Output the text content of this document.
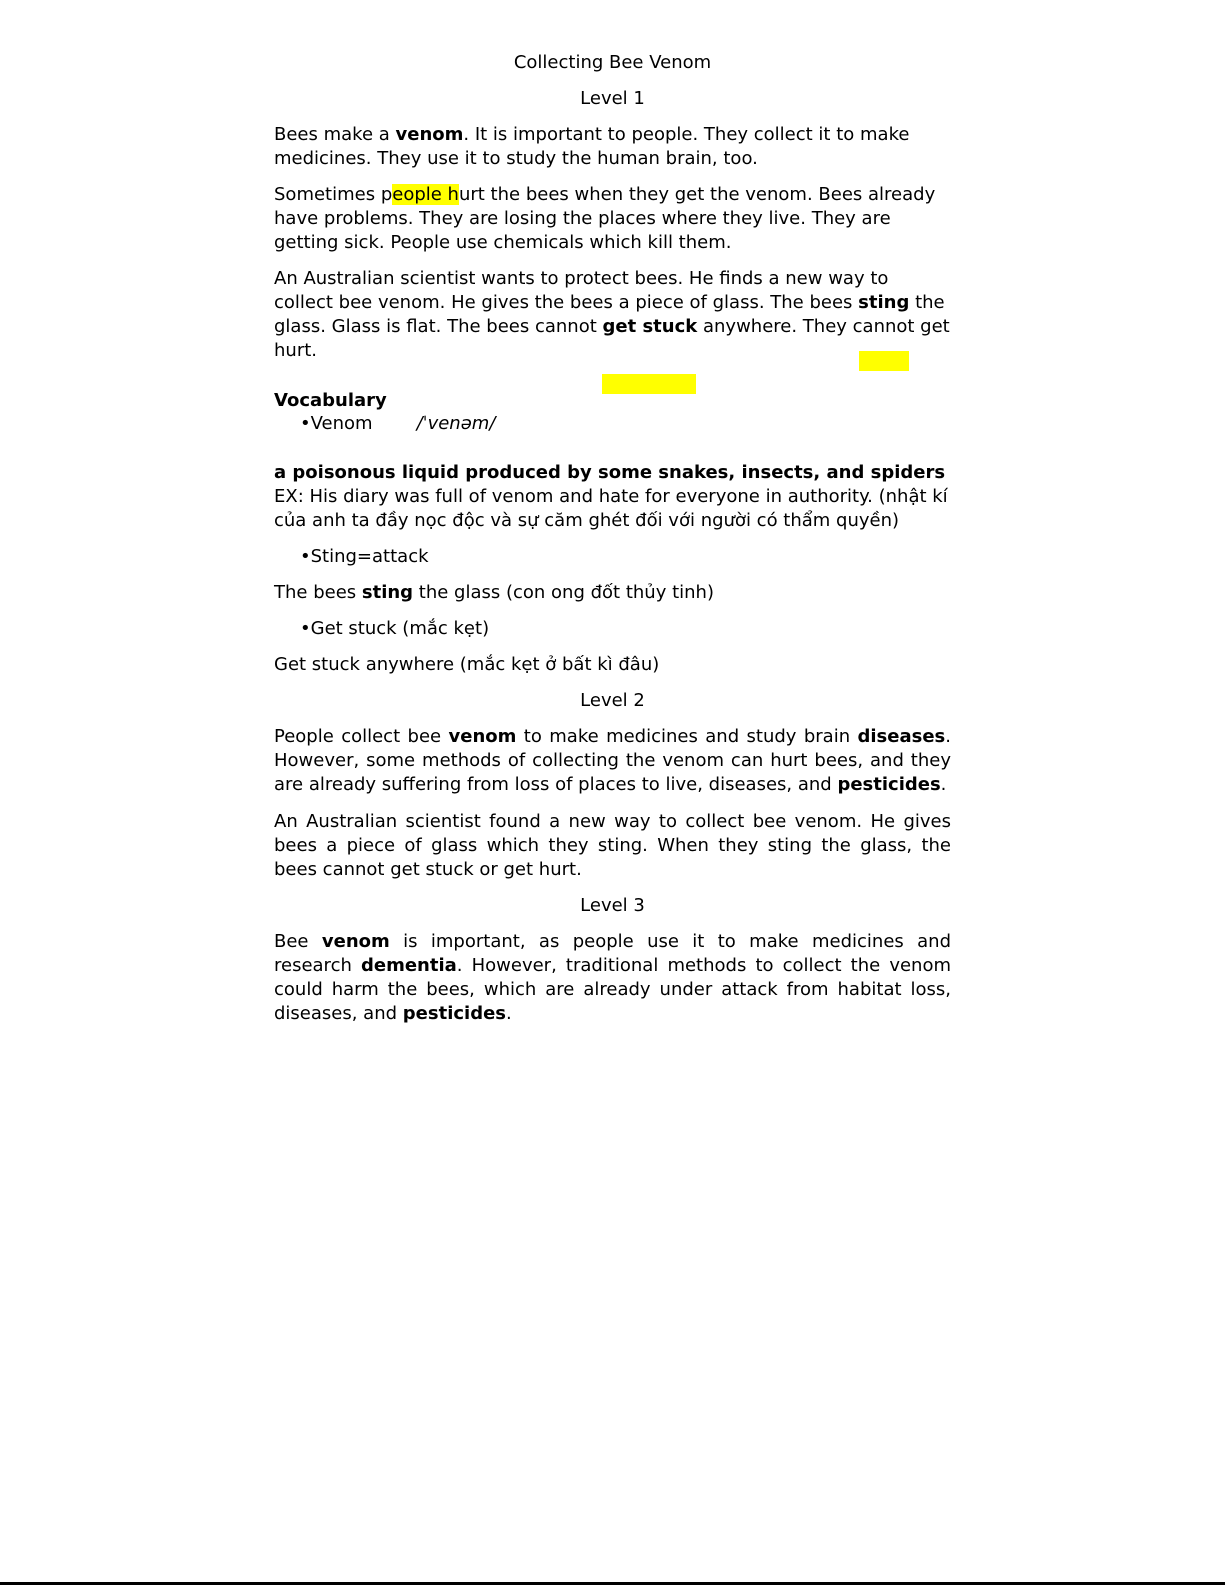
Collecting Bee Venom
Level 1
Bees make a venom. It is important to people. They collect it to make
medicines. They use it to study the human brain, too.
Sometimes people hurt the bees when they get the venom. Bees already
have problems. They are losing the places where they live. They are
getting sick. People use chemicals which kill them.
An Australian scientist wants to protect bees. He finds a new way to
collect bee venom. He gives the bees a piece of glass. The bees sting the
glass. Glass is flat. The bees cannot get stuck anywhere. They cannot get
hurt.
Vocabulary
•Venom /ˈvenəm/
a poisonous liquid produced by some snakes, insects, and spiders
EX: His diary was full of venom and hate for everyone in authority. (nhật kí
của anh ta đầy nọc độc và sự căm ghét đối với người có thẩm quyền)
•Sting=attack
The bees sting the glass (con ong đốt thủy tinh)
•Get stuck (mắc kẹt)
Get stuck anywhere (mắc kẹt ở bất kì đâu)
Level 2
People collect bee venom to make medicines and study brain diseases.
However, some methods of collecting the venom can hurt bees, and they
are already suffering from loss of places to live, diseases, and pesticides.
An Australian scientist found a new way to collect bee venom. He gives
bees a piece of glass which they sting. When they sting the glass, the
bees cannot get stuck or get hurt.
Level 3
Bee venom is important, as people use it to make medicines and
research dementia. However, traditional methods to collect the venom
could harm the bees, which are already under attack from habitat loss,
diseases, and pesticides.
